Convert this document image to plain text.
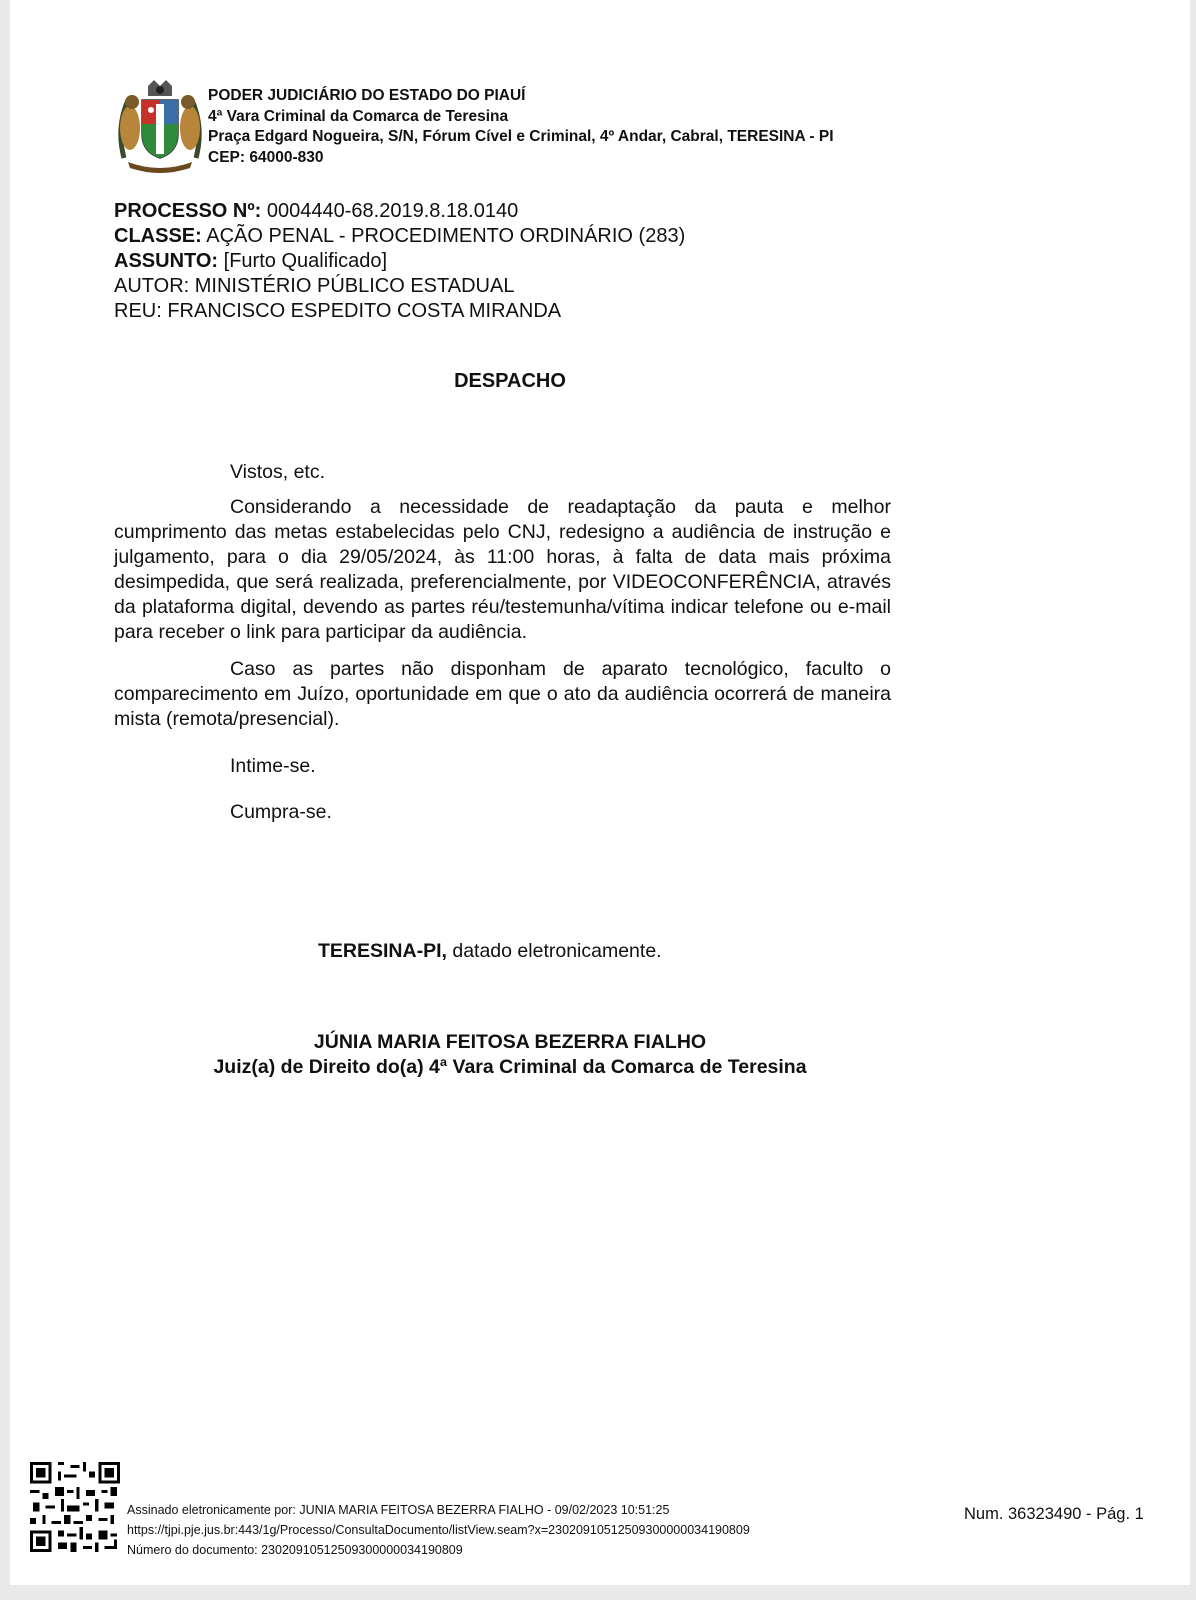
PODER JUDICIÁRIO DO ESTADO DO PIAUÍ
4ª Vara Criminal da Comarca de Teresina
Praça Edgard Nogueira, S/N, Fórum Cível e Criminal, 4º Andar, Cabral, TERESINA - PI
CEP: 64000-830
PROCESSO Nº: 0004440-68.2019.8.18.0140
CLASSE: AÇÃO PENAL - PROCEDIMENTO ORDINÁRIO (283)
ASSUNTO: [Furto Qualificado]
AUTOR: MINISTÉRIO PÚBLICO ESTADUAL
REU: FRANCISCO ESPEDITO COSTA MIRANDA
DESPACHO

Vistos, etc.

Considerando a necessidade de readaptação da pauta e melhor cumprimento das metas estabelecidas pelo CNJ, redesigno a audiência de instrução e julgamento, para o dia 29/05/2024, às 11:00 horas, à falta de data mais próxima desimpedida, que será realizada, preferencialmente, por VIDEOCONFERÊNCIA, através da plataforma digital, devendo as partes réu/testemunha/vítima indicar telefone ou e-mail para receber o link para participar da audiência.

Caso as partes não disponham de aparato tecnológico, faculto o comparecimento em Juízo, oportunidade em que o ato da audiência ocorrerá de maneira mista (remota/presencial).

Intime-se.

Cumpra-se.

TERESINA-PI, datado eletronicamente.
JÚNIA MARIA FEITOSA BEZERRA FIALHO
Juiz(a) de Direito do(a) 4ª Vara Criminal da Comarca de Teresina
Assinado eletronicamente por: JUNIA MARIA FEITOSA BEZERRA FIALHO - 09/02/2023 10:51:25
https://tjpi.pje.jus.br:443/1g/Processo/ConsultaDocumento/listView.seam?x=23020910512509300000034190809
Número do documento: 23020910512509300000034190809
Num. 36323490 - Pág. 1
